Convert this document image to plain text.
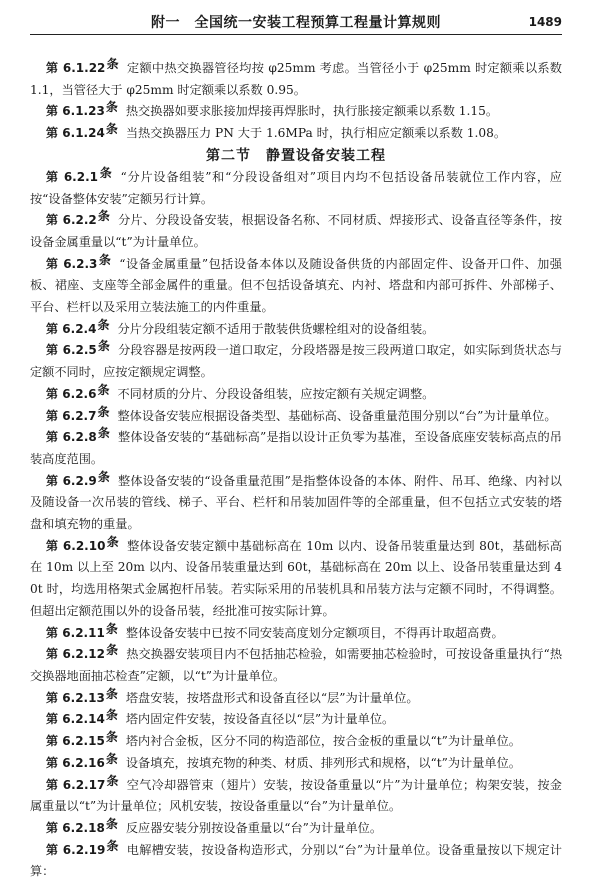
附一　全国统一安装工程预算工程量计算规则	1489

第 6.1.22条 定额中热交换器管径均按 φ25mm 考虑。当管径小于 φ25mm 时定额乘以系数 1.1，当管径大于 φ25mm 时定额乘以系数 0.95。

第 6.1.23条 热交换器如要求胀接加焊接再焊胀时，执行胀接定额乘以系数 1.15。

第 6.1.24条 当热交换器压力 PN 大于 1.6MPa 时，执行相应定额乘以系数 1.08。

第二节　静置设备安装工程

第 6.2.1条 “分片设备组装”和“分段设备组对”项目内均不包括设备吊装就位工作内容，应按“设备整体安装”定额另行计算。

第 6.2.2条 分片、分段设备安装，根据设备名称、不同材质、焊接形式、设备直径等条件，按设备金属重量以“t”为计量单位。

第 6.2.3条 “设备金属重量”包括设备本体以及随设备供货的内部固定件、设备开口件、加强板、裙座、支座等全部金属件的重量。但不包括设备填充、内衬、塔盘和内部可拆件、外部梯子、平台、栏杆以及采用立装法施工的内件重量。

第 6.2.4条 分片分段组装定额不适用于散装供货螺栓组对的设备组装。

第 6.2.5条 分段容器是按两段一道口取定，分段塔器是按三段两道口取定，如实际到货状态与定额不同时，应按定额规定调整。

第 6.2.6条 不同材质的分片、分段设备组装，应按定额有关规定调整。

第 6.2.7条 整体设备安装应根据设备类型、基础标高、设备重量范围分别以“台”为计量单位。

第 6.2.8条 整体设备安装的“基础标高”是指以设计正负零为基准，至设备底座安装标高点的吊装高度范围。

第 6.2.9条 整体设备安装的“设备重量范围”是指整体设备的本体、附件、吊耳、绝缘、内衬以及随设备一次吊装的管线、梯子、平台、栏杆和吊装加固件等的全部重量，但不包括立式安装的塔盘和填充物的重量。

第 6.2.10条 整体设备安装定额中基础标高在 10m 以内、设备吊装重量达到 80t，基础标高在 10m 以上至 20m 以内、设备吊装重量达到 60t，基础标高在 20m 以上、设备吊装重量达到 40t 时，均选用格架式金属抱杆吊装。若实际采用的吊装机具和吊装方法与定额不同时，不得调整。但超出定额范围以外的设备吊装，经批准可按实际计算。

第 6.2.11条 整体设备安装中已按不同安装高度划分定额项目，不得再计取超高费。

第 6.2.12条 热交换器安装项目内不包括抽芯检验，如需要抽芯检验时，可按设备重量执行“热交换器地面抽芯检查”定额，以“t”为计量单位。

第 6.2.13条 塔盘安装，按塔盘形式和设备直径以“层”为计量单位。

第 6.2.14条 塔内固定件安装，按设备直径以“层”为计量单位。

第 6.2.15条 塔内衬合金板，区分不同的构造部位，按合金板的重量以“t”为计量单位。

第 6.2.16条 设备填充，按填充物的种类、材质、排列形式和规格，以“t”为计量单位。

第 6.2.17条 空气冷却器管束（翅片）安装，按设备重量以“片”为计量单位；构架安装，按金属重量以“t”为计量单位；风机安装，按设备重量以“台”为计量单位。

第 6.2.18条 反应器安装分别按设备重量以“台”为计量单位。

第 6.2.19条 电解槽安装，按设备构造形式，分别以“台”为计量单位。设备重量按以下规定计算：
